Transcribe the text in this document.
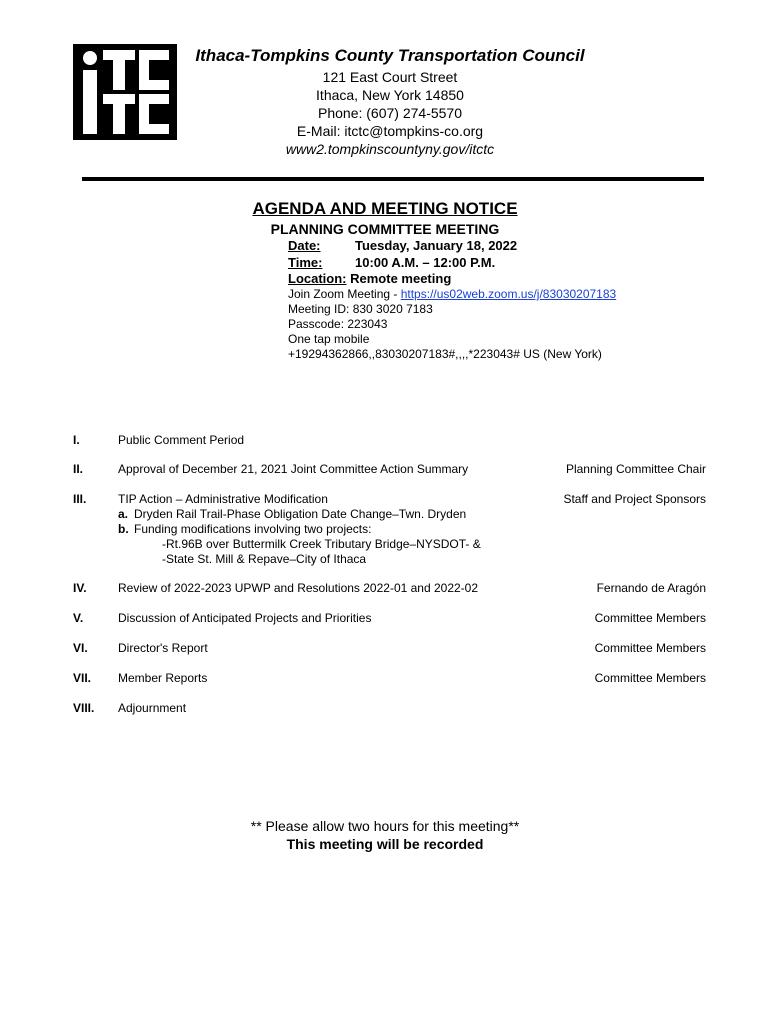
Ithaca-Tompkins County Transportation Council
121 East Court Street
Ithaca, New York 14850
Phone: (607) 274-5570
E-Mail: itctc@tompkins-co.org
www2.tompkinscountyny.gov/itctc
AGENDA AND MEETING NOTICE
PLANNING COMMITTEE MEETING
Date:	Tuesday, January 18, 2022
Time:	10:00 A.M. – 12:00 P.M.
Location: Remote meeting
Join Zoom Meeting - https://us02web.zoom.us/j/83030207183
Meeting ID: 830 3020 7183
Passcode: 223043
One tap mobile
+19294362866,,83030207183#,,,,*223043# US (New York)
I.	Public Comment Period
II.	Approval of December 21, 2021 Joint Committee Action Summary	Planning Committee Chair
III.	TIP Action – Administrative Modification	Staff and Project Sponsors
a. Dryden Rail Trail-Phase Obligation Date Change–Twn. Dryden
b. Funding modifications involving two projects:
-Rt.96B over Buttermilk Creek Tributary Bridge–NYSDOT- &
-State St. Mill & Repave–City of Ithaca
IV.	Review of 2022-2023 UPWP and Resolutions 2022-01 and 2022-02	Fernando de Aragón
V.	Discussion of Anticipated Projects and Priorities	Committee Members
VI.	Director's Report	Committee Members
VII. Member Reports	Committee Members
VIII. Adjournment
** Please allow two hours for this meeting**
This meeting will be recorded
